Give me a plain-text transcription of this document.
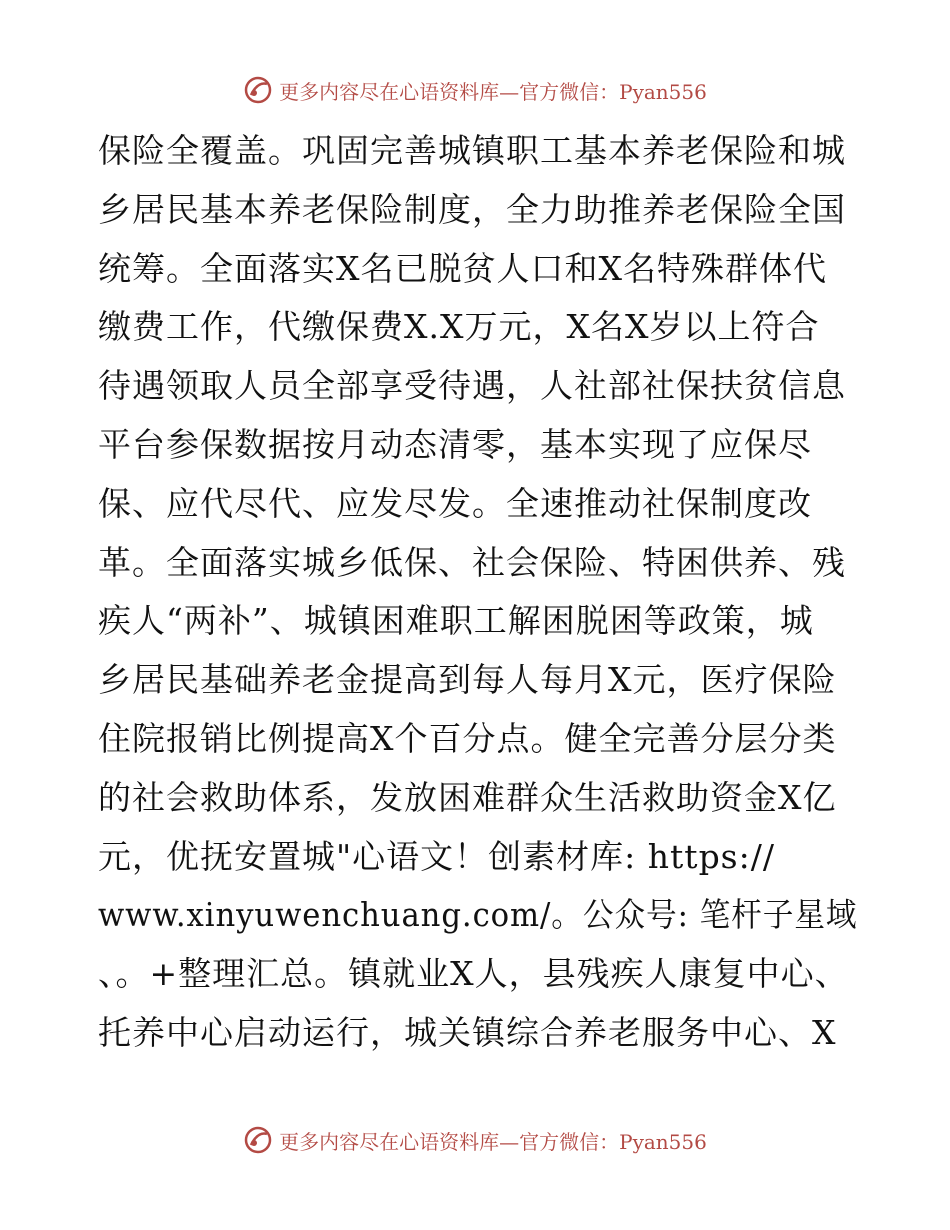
更多内容尽在心语资料库—官方微信：Pyan556
保险全覆盖。巩固完善城镇职工基本养老保险和城
乡居民基本养老保险制度，全力助推养老保险全国
统筹。全面落实X名已脱贫人口和X名特殊群体代
缴费工作，代缴保费X.X万元，X名X岁以上符合
待遇领取人员全部享受待遇，人社部社保扶贫信息
平台参保数据按月动态清零，基本实现了应保尽
保、应代尽代、应发尽发。全速推动社保制度改
革。全面落实城乡低保、社会保险、特困供养、残
疾人“两补”、城镇困难职工解困脱困等政策，城
乡居民基础养老金提高到每人每月X元，医疗保险
住院报销比例提高X个百分点。健全完善分层分类
的社会救助体系，发放困难群众生活救助资金X亿
元，优抚安置城"心语文！创素材库: https://
www.xinyuwenchuang.com/。公众号: 笔杆子星域
、。+整理汇总。镇就业X人，县残疾人康复中心、
托养中心启动运行，城关镇综合养老服务中心、X
更多内容尽在心语资料库—官方微信：Pyan556
